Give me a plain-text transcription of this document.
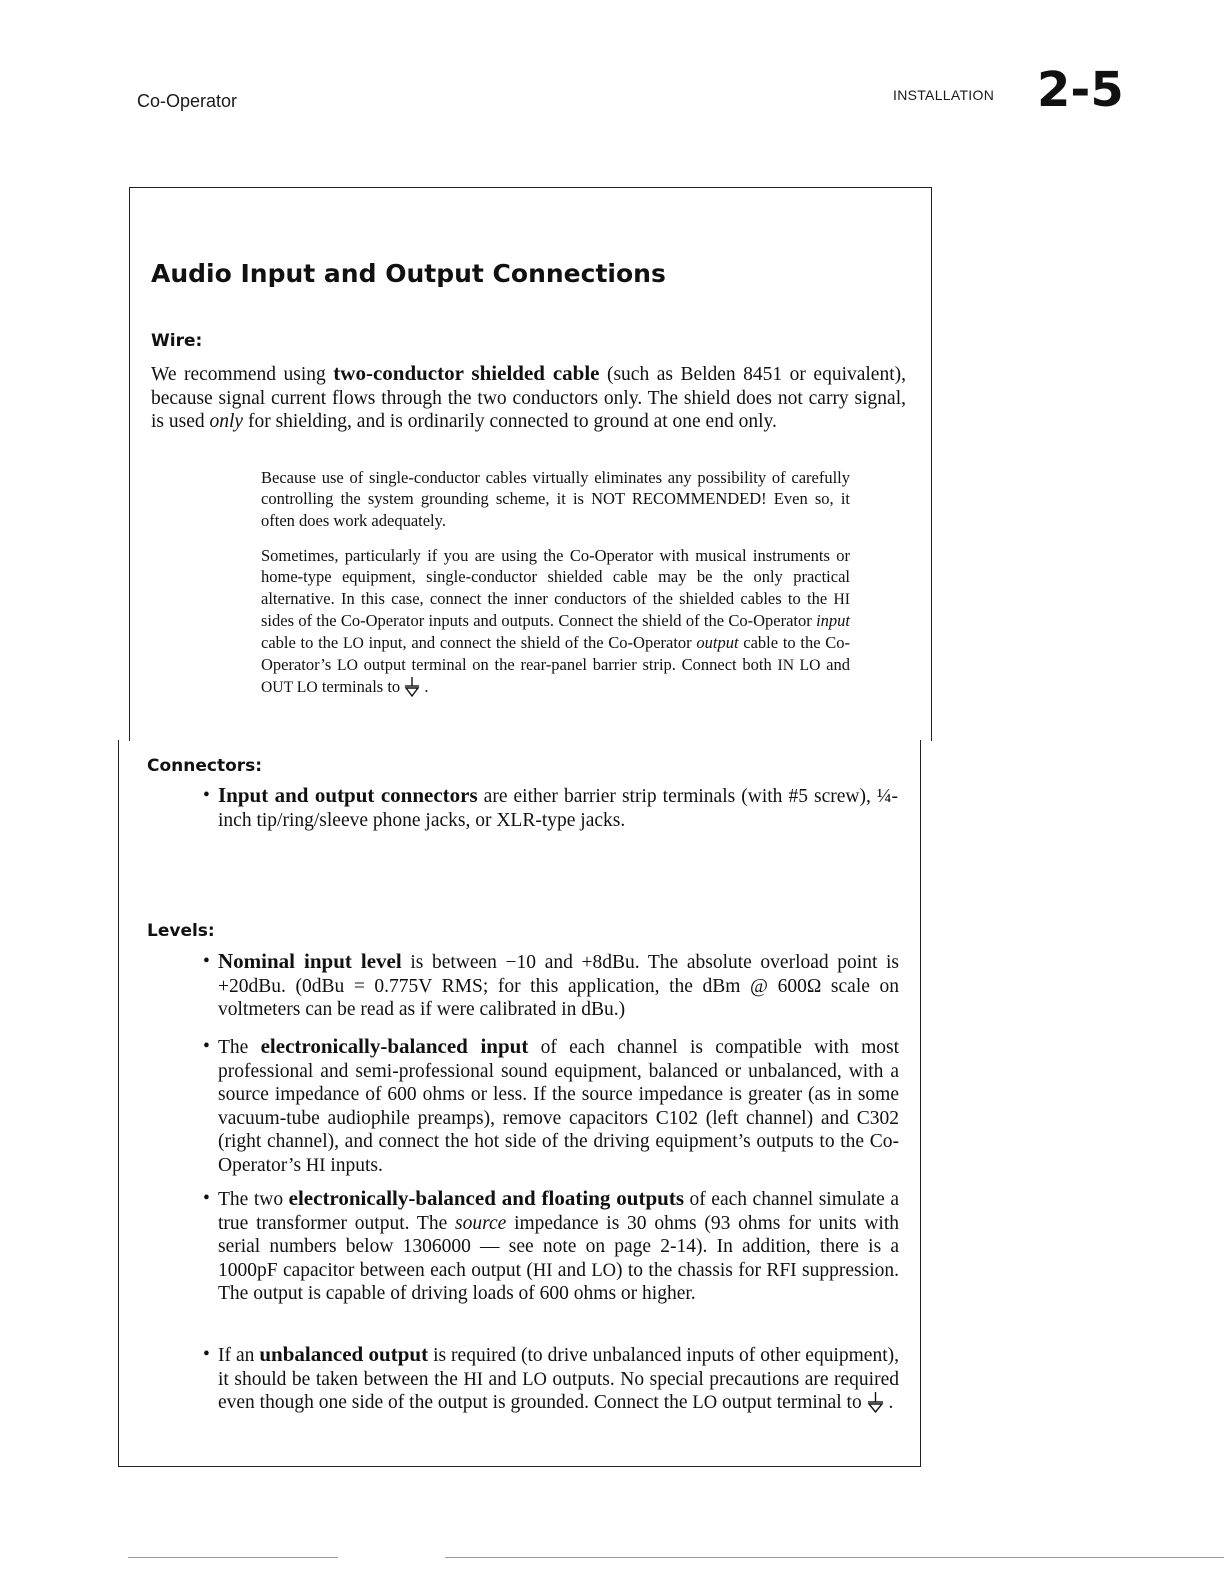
Co-Operator	INSTALLATION 2-5
Audio Input and Output Connections
Wire:

We recommend using two-conductor shielded cable (such as Belden 8451 or equivalent), because signal current flows through the two conductors only. The shield does not carry signal, is used only for shielding, and is ordinarily connected to ground at one end only.

Because use of single-conductor cables virtually eliminates any possibility of carefully controlling the system grounding scheme, it is NOT RECOMMENDED! Even so, it often does work adequately.

Sometimes, particularly if you are using the Co-Operator with musical instruments or home-type equipment, single-conductor shielded cable may be the only practical alternative. In this case, connect the inner conductors of the shielded cables to the HI sides of the Co-Operator inputs and outputs. Connect the shield of the Co-Operator input cable to the LO input, and connect the shield of the Co-Operator output cable to the Co-Operator’s LO output terminal on the rear-panel barrier strip. Connect both IN LO and OUT LO terminals to  .

Connectors:

• Input and output connectors are either barrier strip terminals (with #5 screw), ¼-inch tip/ring/sleeve phone jacks, or XLR-type jacks.

Levels:

• Nominal input level is between −10 and +8dBu. The absolute overload point is +20dBu. (0dBu = 0.775V RMS; for this application, the dBm @ 600Ω scale on voltmeters can be read as if were calibrated in dBu.)

• The electronically-balanced input of each channel is compatible with most professional and semi-professional sound equipment, balanced or unbalanced, with a source impedance of 600 ohms or less. If the source impedance is greater (as in some vacuum-tube audiophile preamps), remove capacitors C102 (left channel) and C302 (right channel), and connect the hot side of the driving equipment’s outputs to the Co-Operator’s HI inputs.

• The two electronically-balanced and floating outputs of each channel simulate a true transformer output. The source impedance is 30 ohms (93 ohms for units with serial numbers below 1306000 — see note on page 2-14). In addition, there is a 1000pF capacitor between each output (HI and LO) to the chassis for RFI suppression. The output is capable of driving loads of 600 ohms or higher.

• If an unbalanced output is required (to drive unbalanced inputs of other equipment), it should be taken between the HI and LO outputs. No special precautions are required even though one side of the output is grounded. Connect the LO output terminal to  .
